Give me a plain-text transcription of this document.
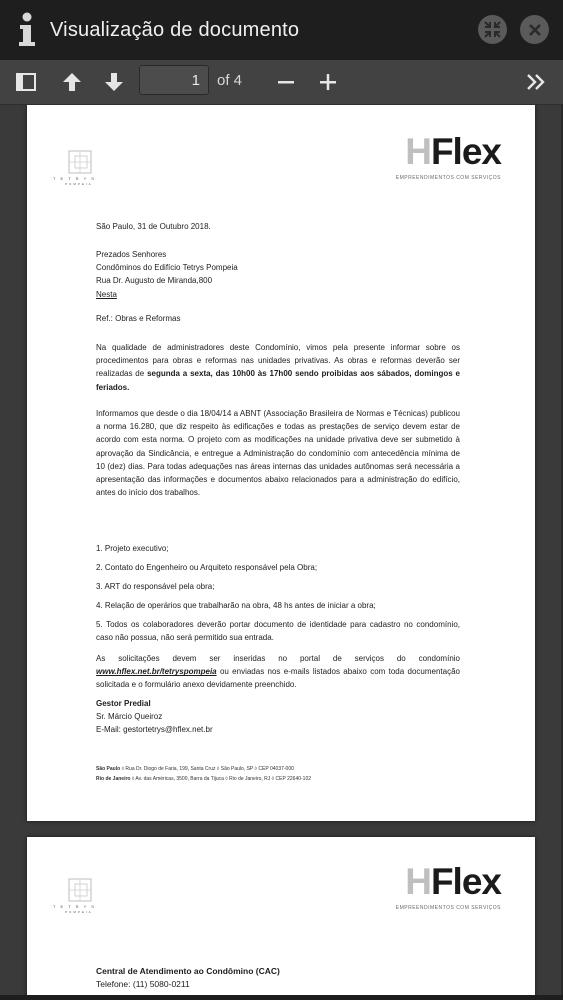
Visualização de documento
1
of 4
T E T R Y S
POMPEIA
HFlex
EMPREENDIMENTOS COM SERVIÇOS
São Paulo, 31 de Outubro 2018.
Prezados Senhores
Condôminos do Edifício Tetrys Pompeia
Rua Dr. Augusto de Miranda,800
Nesta
Ref.: Obras e Reformas
Na qualidade de administradores deste Condomínio, vimos pela presente informar sobre os procedimentos para obras e reformas nas unidades privativas. As obras e reformas deverão ser realizadas de segunda a sexta, das 10h00 às 17h00 sendo proibidas aos sábados, domingos e feriados.
Informamos que desde o dia 18/04/14 a ABNT (Associação Brasileira de Normas e Técnicas) publicou a norma 16.280, que diz respeito às edificações e todas as prestações de serviço devem estar de acordo com esta norma. O projeto com as modificações na unidade privativa deve ser submetido à aprovação da Sindicância, e entregue a Administração do condomínio com antecedência mínima de 10 (dez) dias. Para todas adequações nas áreas internas das unidades autônomas será necessária a apresentação das informações e documentos abaixo relacionados para a administração do edifício, antes do início dos trabalhos.
1. Projeto executivo;
2. Contato do Engenheiro ou Arquiteto responsável pela Obra;
3. ART do responsável pela obra;
4. Relação de operários que trabalharão na obra, 48 hs antes de iniciar a obra;
5. Todos os colaboradores deverão portar documento de identidade para cadastro no condomínio, caso não possua, não será permitido sua entrada.
As solicitações devem ser inseridas no portal de serviços do condomínio www.hflex.net.br/tetryspompeia ou enviadas nos e-mails listados abaixo com toda documentação solicitada e o formulário anexo devidamente preenchido.
Gestor Predial
Sr. Márcio Queiroz
E-Mail: gestortetrys@hflex.net.br
São Paulo ◊ Rua Dr. Diogo de Faria, 199, Santa Cruz ◊ São Paulo, SP ◊ CEP 04037-000
Rio de Janeiro ◊ Av. das Américas, 3500, Barra da Tijuca ◊ Rio de Janeiro, RJ ◊ CEP 22640-102
T E T R Y S
POMPEIA
HFlex
EMPREENDIMENTOS COM SERVIÇOS
Central de Atendimento ao Condômino (CAC)
Telefone: (11) 5080-0211
